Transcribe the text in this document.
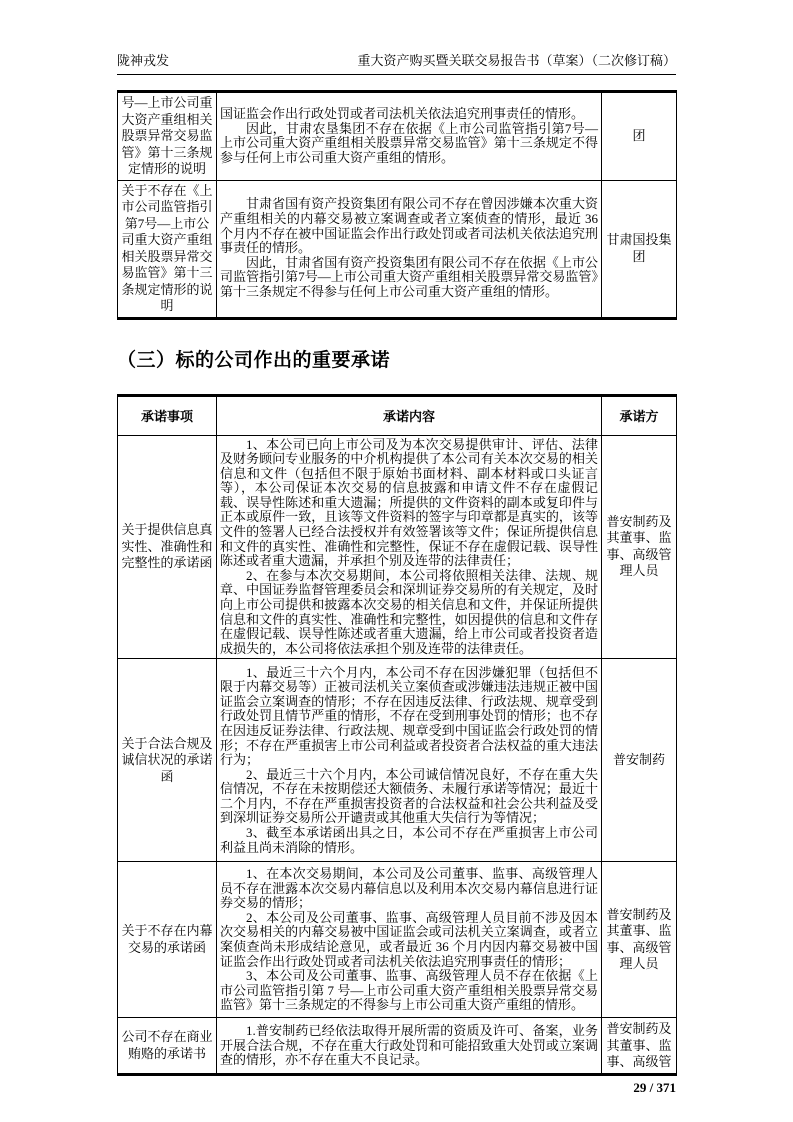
陇神戎发	重大资产购买暨关联交易报告书（草案）（二次修订稿）
号—上市公司重大资产重组相关股票异常交易监管》第十三条规定情形的说明	国证监会作出行政处罚或者司法机关依法追究刑事责任的情形。
因此，甘肃农垦集团不存在依据《上市公司监管指引第7号—上市公司重大资产重组相关股票异常交易监管》第十三条规定不得参与任何上市公司重大资产重组的情形。	团
关于不存在《上市公司监管指引第7号—上市公司重大资产重组相关股票异常交易监管》第十三条规定情形的说明	甘肃省国有资产投资集团有限公司不存在曾因涉嫌本次重大资产重组相关的内幕交易被立案调查或者立案侦查的情形，最近 36 个月内不存在被中国证监会作出行政处罚或者司法机关依法追究刑事责任的情形。
因此，甘肃省国有资产投资集团有限公司不存在依据《上市公司监管指引第7号—上市公司重大资产重组相关股票异常交易监管》第十三条规定不得参与任何上市公司重大资产重组的情形。	甘肃国投集团
（三）标的公司作出的重要承诺
承诺事项	承诺内容	承诺方
关于提供信息真实性、准确性和完整性的承诺函	1、本公司已向上市公司及为本次交易提供审计、评估、法律及财务顾问专业服务的中介机构提供了本公司有关本次交易的相关信息和文件（包括但不限于原始书面材料、副本材料或口头证言等），本公司保证本次交易的信息披露和申请文件不存在虚假记载、误导性陈述和重大遗漏；所提供的文件资料的副本或复印件与正本或原件一致，且该等文件资料的签字与印章都是真实的，该等文件的签署人已经合法授权并有效签署该等文件；保证所提供信息和文件的真实性、准确性和完整性，保证不存在虚假记载、误导性陈述或者重大遗漏，并承担个别及连带的法律责任；
2、在参与本次交易期间，本公司将依照相关法律、法规、规章、中国证券监督管理委员会和深圳证券交易所的有关规定，及时向上市公司提供和披露本次交易的相关信息和文件，并保证所提供信息和文件的真实性、准确性和完整性，如因提供的信息和文件存在虚假记载、误导性陈述或者重大遗漏，给上市公司或者投资者造成损失的，本公司将依法承担个别及连带的法律责任。	普安制药及其董事、监事、高级管理人员
关于合法合规及诚信状况的承诺函	1、最近三十六个月内，本公司不存在因涉嫌犯罪（包括但不限于内幕交易等）正被司法机关立案侦查或涉嫌违法违规正被中国证监会立案调查的情形；不存在因违反法律、行政法规、规章受到行政处罚且情节严重的情形，不存在受到刑事处罚的情形；也不存在因违反证券法律、行政法规、规章受到中国证监会行政处罚的情形；不存在严重损害上市公司利益或者投资者合法权益的重大违法行为；
2、最近三十六个月内，本公司诚信情况良好，不存在重大失信情况，不存在未按期偿还大额债务、未履行承诺等情况；最近十二个月内，不存在严重损害投资者的合法权益和社会公共利益及受到深圳证券交易所公开谴责或其他重大失信行为等情况；
3、截至本承诺函出具之日，本公司不存在严重损害上市公司利益且尚未消除的情形。	普安制药
关于不存在内幕交易的承诺函	1、在本次交易期间，本公司及公司董事、监事、高级管理人员不存在泄露本次交易内幕信息以及利用本次交易内幕信息进行证券交易的情形；
2、本公司及公司董事、监事、高级管理人员目前不涉及因本次交易相关的内幕交易被中国证监会或司法机关立案调查，或者立案侦查尚未形成结论意见，或者最近 36 个月内因内幕交易被中国证监会作出行政处罚或者司法机关依法追究刑事责任的情形；
3、本公司及公司董事、监事、高级管理人员不存在依据《上市公司监管指引第 7 号—上市公司重大资产重组相关股票异常交易监管》第十三条规定的不得参与上市公司重大资产重组的情形。	普安制药及其董事、监事、高级管理人员
公司不存在商业贿赂的承诺书	1.普安制药已经依法取得开展所需的资质及许可、备案，业务开展合法合规，不存在重大行政处罚和可能招致重大处罚或立案调查的情形，亦不存在重大不良记录。	普安制药及其董事、监事、高级管
29 / 371
